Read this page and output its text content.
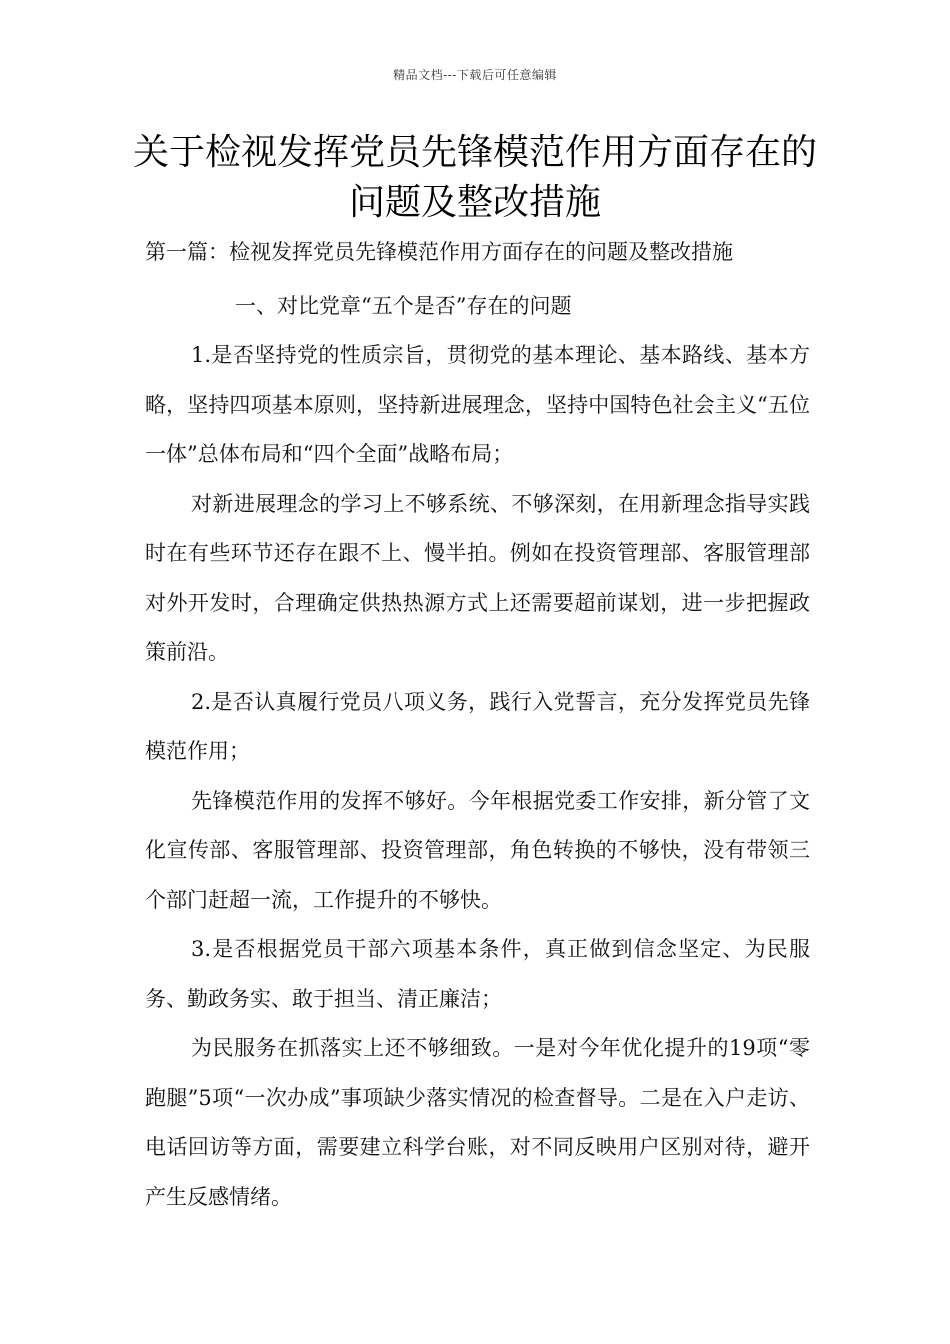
精品文档---下载后可任意编辑
关于检视发挥党员先锋模范作用方面存在的问题及整改措施

第一篇：检视发挥党员先锋模范作用方面存在的问题及整改措施

一、对比党章“五个是否”存在的问题

1.是否坚持党的性质宗旨，贯彻党的基本理论、基本路线、基本方略，坚持四项基本原则，坚持新进展理念，坚持中国特色社会主义“五位一体”总体布局和“四个全面”战略布局；

对新进展理念的学习上不够系统、不够深刻，在用新理念指导实践时在有些环节还存在跟不上、慢半拍。例如在投资管理部、客服管理部对外开发时，合理确定供热热源方式上还需要超前谋划，进一步把握政策前沿。

2.是否认真履行党员八项义务，践行入党誓言，充分发挥党员先锋模范作用；

先锋模范作用的发挥不够好。今年根据党委工作安排，新分管了文化宣传部、客服管理部、投资管理部，角色转换的不够快，没有带领三个部门赶超一流，工作提升的不够快。

3.是否根据党员干部六项基本条件，真正做到信念坚定、为民服务、勤政务实、敢于担当、清正廉洁；

为民服务在抓落实上还不够细致。一是对今年优化提升的19项“零跑腿”5项“一次办成”事项缺少落实情况的检查督导。二是在入户走访、电话回访等方面，需要建立科学台账，对不同反映用户区别对待，避开产生反感情绪。
